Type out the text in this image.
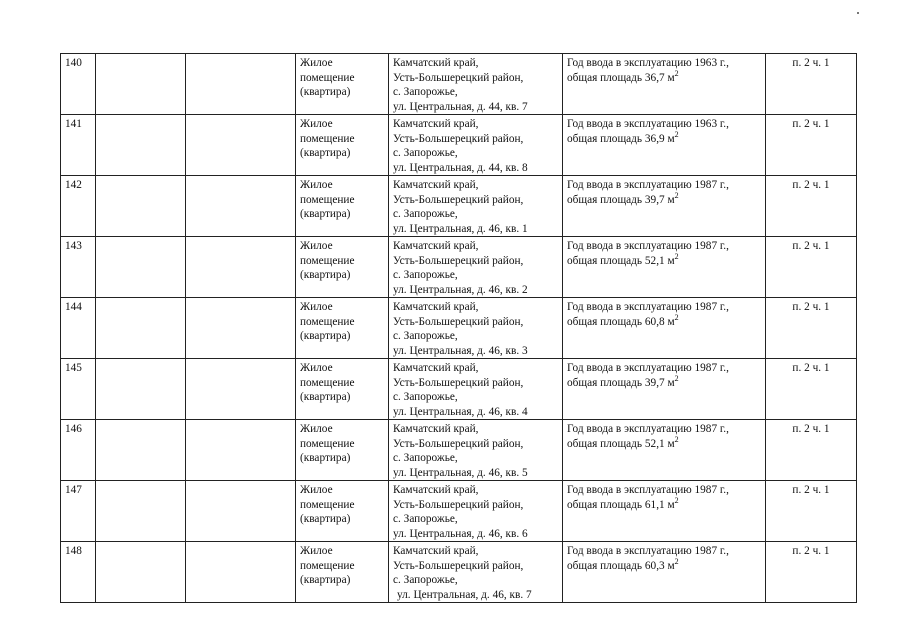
140			Жилое
помещение
(квартира)	Камчатский край,
Усть-Большерецкий район,
с. Запорожье,
ул. Центральная, д. 44, кв. 7	Год ввода в эксплуатацию 1963 г.,
общая площадь 36,7 $м^2$	п. 2 ч. 1
141			Жилое
помещение
(квартира)	Камчатский край,
Усть-Большерецкий район,
с. Запорожье,
ул. Центральная, д. 44, кв. 8	Год ввода в эксплуатацию 1963 г.,
общая площадь 36,9 $м^2$	п. 2 ч. 1
142			Жилое
помещение
(квартира)	Камчатский край,
Усть-Большерецкий район,
с. Запорожье,
ул. Центральная, д. 46, кв. 1	Год ввода в эксплуатацию 1987 г.,
общая площадь 39,7 $м^2$	п. 2 ч. 1
143			Жилое
помещение
(квартира)	Камчатский край,
Усть-Большерецкий район,
с. Запорожье,
ул. Центральная, д. 46, кв. 2	Год ввода в эксплуатацию 1987 г.,
общая площадь 52,1 $м^2$	п. 2 ч. 1
144			Жилое
помещение
(квартира)	Камчатский край,
Усть-Большерецкий район,
с. Запорожье,
ул. Центральная, д. 46, кв. 3	Год ввода в эксплуатацию 1987 г.,
общая площадь 60,8 $м^2$	п. 2 ч. 1
145			Жилое
помещение
(квартира)	Камчатский край,
Усть-Большерецкий район,
с. Запорожье,
ул. Центральная, д. 46, кв. 4	Год ввода в эксплуатацию 1987 г.,
общая площадь 39,7 $м^2$	п. 2 ч. 1
146			Жилое
помещение
(квартира)	Камчатский край,
Усть-Большерецкий район,
с. Запорожье,
ул. Центральная, д. 46, кв. 5	Год ввода в эксплуатацию 1987 г.,
общая площадь 52,1 $м^2$	п. 2 ч. 1
147			Жилое
помещение
(квартира)	Камчатский край,
Усть-Большерецкий район,
с. Запорожье,
ул. Центральная, д. 46, кв. 6	Год ввода в эксплуатацию 1987 г.,
общая площадь 61,1 $м^2$	п. 2 ч. 1
148			Жилое
помещение
(квартира)	Камчатский край,
Усть-Большерецкий район,
с. Запорожье,
ул. Центральная, д. 46, кв. 7	Год ввода в эксплуатацию 1987 г.,
общая площадь 60,3 $м^2$	п. 2 ч. 1
